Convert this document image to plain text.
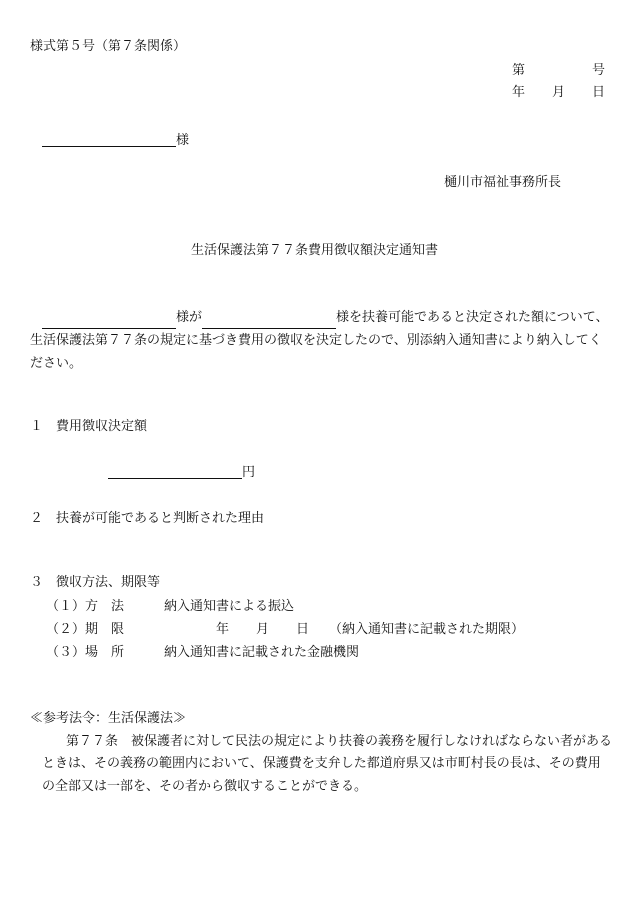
様式第５号（第７条関係）
第	号
年 月 日
様
樋川市福祉事務所長
生活保護法第７７条費用徴収額決定通知書
様が	様を扶養可能であると決定された額について、生活保護法第７７条の規定に基づき費用の徴収を決定したので、別添納入通知書により納入してください。
１　費用徴収決定額
円
２　扶養が可能であると判断された理由
３　徴収方法、期限等
（１）方　法	納入通知書による振込
（２）期　限	年 月 日 （納入通知書に記載された期限）
（３）場　所	納入通知書に記載された金融機関
≪参考法令：生活保護法≫
第７７条　被保護者に対して民法の規定により扶養の義務を履行しなければならない者があるときは、その義務の範囲内において、保護費を支弁した都道府県又は市町村長の長は、その費用の全部又は一部を、その者から徴収することができる。
